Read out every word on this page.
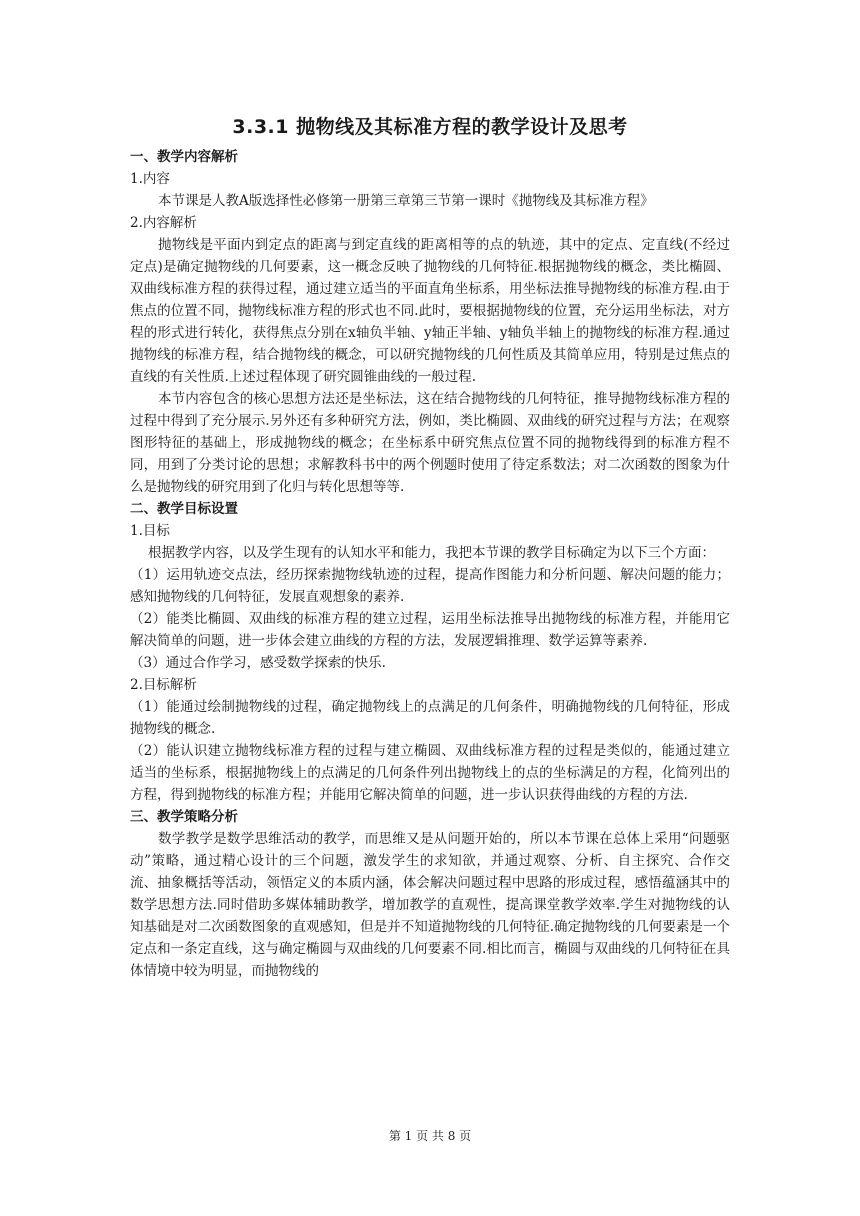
3.3.1 抛物线及其标准方程的教学设计及思考
一、教学内容解析
1.内容
本节课是人教A版选择性必修第一册第三章第三节第一课时《抛物线及其标准方程》
2.内容解析
抛物线是平面内到定点的距离与到定直线的距离相等的点的轨迹，其中的定点、定直线(不经过定点)是确定抛物线的几何要素，这一概念反映了抛物线的几何特征.根据抛物线的概念，类比椭圆、双曲线标准方程的获得过程，通过建立适当的平面直角坐标系，用坐标法推导抛物线的标准方程.由于焦点的位置不同，抛物线标准方程的形式也不同.此时，要根据抛物线的位置，充分运用坐标法，对方程的形式进行转化，获得焦点分别在x轴负半轴、y轴正半轴、y轴负半轴上的抛物线的标准方程.通过抛物线的标准方程，结合抛物线的概念，可以研究抛物线的几何性质及其简单应用，特别是过焦点的直线的有关性质.上述过程体现了研究圆锥曲线的一般过程.
本节内容包含的核心思想方法还是坐标法，这在结合抛物线的几何特征，推导抛物线标准方程的过程中得到了充分展示.另外还有多种研究方法，例如，类比椭圆、双曲线的研究过程与方法；在观察图形特征的基础上，形成抛物线的概念；在坐标系中研究焦点位置不同的抛物线得到的标准方程不同，用到了分类讨论的思想；求解教科书中的两个例题时使用了待定系数法；对二次函数的图象为什么是抛物线的研究用到了化归与转化思想等等.
二、教学目标设置
1.目标
根据教学内容，以及学生现有的认知水平和能力，我把本节课的教学目标确定为以下三个方面：
（1）运用轨迹交点法，经历探索抛物线轨迹的过程，提高作图能力和分析问题、解决问题的能力；感知抛物线的几何特征，发展直观想象的素养.
（2）能类比椭圆、双曲线的标准方程的建立过程，运用坐标法推导出抛物线的标准方程，并能用它解决简单的问题，进一步体会建立曲线的方程的方法，发展逻辑推理、数学运算等素养.
（3）通过合作学习，感受数学探索的快乐.
2.目标解析
（1）能通过绘制抛物线的过程，确定抛物线上的点满足的几何条件，明确抛物线的几何特征，形成抛物线的概念.
（2）能认识建立抛物线标准方程的过程与建立椭圆、双曲线标准方程的过程是类似的，能通过建立适当的坐标系，根据抛物线上的点满足的几何条件列出抛物线上的点的坐标满足的方程，化简列出的方程，得到抛物线的标准方程；并能用它解决简单的问题，进一步认识获得曲线的方程的方法.
三、教学策略分析
数学教学是数学思维活动的教学，而思维又是从问题开始的，所以本节课在总体上采用“问题驱动”策略，通过精心设计的三个问题，激发学生的求知欲，并通过观察、分析、自主探究、合作交流、抽象概括等活动，领悟定义的本质内涵，体会解决问题过程中思路的形成过程，感悟蕴涵其中的数学思想方法.同时借助多媒体辅助教学，增加教学的直观性，提高课堂教学效率.学生对抛物线的认知基础是对二次函数图象的直观感知，但是并不知道抛物线的几何特征.确定抛物线的几何要素是一个定点和一条定直线，这与确定椭圆与双曲线的几何要素不同.相比而言，椭圆与双曲线的几何特征在具体情境中较为明显，而抛物线的
第 1 页 共 8 页
